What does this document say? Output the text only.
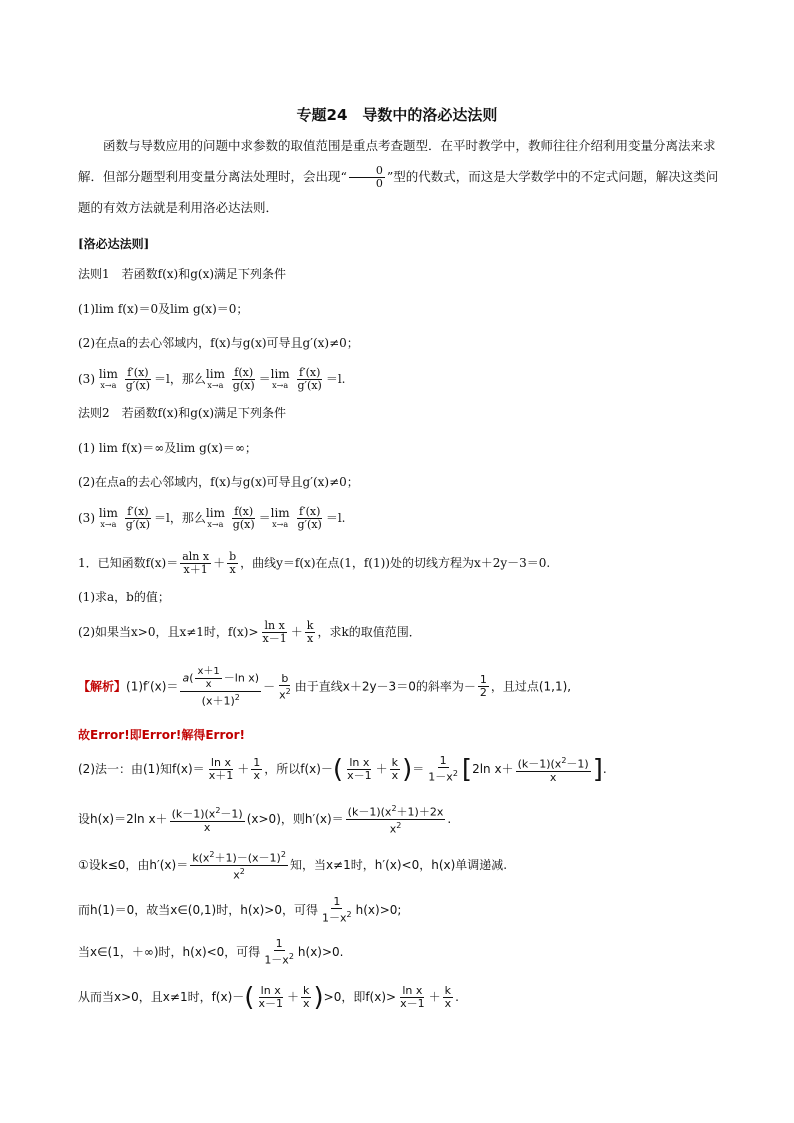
专题24　导数中的洛必达法则
函数与导数应用的问题中求参数的取值范围是重点考查题型．在平时教学中，教师往往介绍利用变量分离法来求解．但部分题型利用变量分离法处理时，会出现“ $\frac{0}{0}$ ”型的代数式，而这是大学数学中的不定式问题，解决这类问题的有效方法就是利用洛必达法则．
[洛必达法则]
法则1　若函数f(x)和g(x)满足下列条件
(1)lim f(x)＝0及lim g(x)＝0；
(2)在点a的去心邻域内，f(x)与g(x)可导且g′(x)≠0；
(3) lim
x→a
$\frac{f'(x)}{g'(x)} =l$，那么lim
x→a
$\frac{f(x)}{g(x)} =\lim$
x→a
$\frac{f'(x)}{g'(x)} =l$.
法则2　若函数f(x)和g(x)满足下列条件
(1) lim f(x)＝∞及lim g(x)＝∞；
(2)在点a的去心邻域内，f(x)与g(x)可导且g′(x)≠0；
(3) lim
x→a
$\frac{f'(x)}{g'(x)} =l$，那么lim
x→a
$\frac{f(x)}{g(x)} =\lim$
x→a
$\frac{f'(x)}{g'(x)} =l$.
1．已知函数$f(x)= \frac{\text{aln x}}{x+1} + \frac{b}{x}$ ，曲线y＝f(x)在点(1，f(1))处的切线方程为x＋2y－3＝0.
(1)求a，b的值；
(2)如果当x>0，且x≠1时，$f(x)> \frac{\text{ln x}}{x-1} + \frac{k}{x}$ ，求k的取值范围．
【解析】$(1)f'(x)= \frac{a( \frac{x+1}{x} -\ln x)}{(x+1)^2} - \frac{b}{x^2}$ 由于直线x＋2y－3＝0的斜率为－ $\frac{1}{2}$ ，且过点(1,1),
故Error!即Error!解得Error!
(2)法一：由(1)知$f(x)= \frac{\text{ln x}}{x+1} + \frac{1}{x}$ ，所以$f(x)-( \frac{\text{ln x}}{x-1} + \frac{k}{x}$ )＝ $\frac{1}{1-x^2} [2\ln$ $x+ \frac{(k-1)(x^2-1)}{x}$ ].
设h(x)＝2ln $x+ \frac{(k-1)(x^2-1)}{x} (x>0)$，则$h'(x)= \frac{(k-1)(x^2+1)+2x}{x^2}$ .
①设k≤0，由$h'(x)= \frac{k(x^2+1)-(x-1)^2}{x^2}$ 知，当x≠1时，h′(x)<0，h(x)单调递减.
而h(1)＝0，故当x∈(0,1)时，h(x)>0，可得 $\frac{1}{1-x^2} h(x)>0$;
当x∈(1，＋∞)时，h(x)<0，可得 $\frac{1}{1-x^2} h(x)>0$.
从而当x>0，且x≠1时，$f(x)-( \frac{\text{ln x}}{x-1} + \frac{k}{x} )>0$，即$f(x)> \frac{\text{ln x}}{x-1} + \frac{k}{x}$ .
